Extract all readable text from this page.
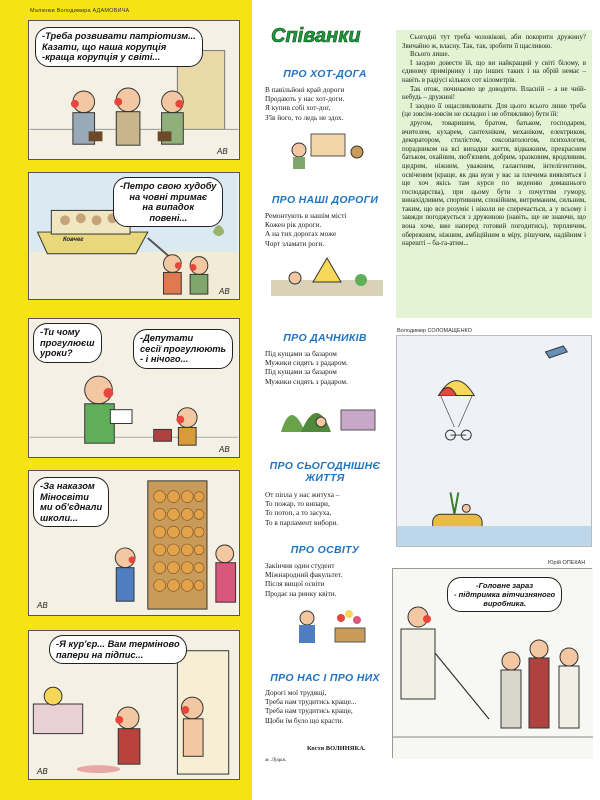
Малюнки Володимира АДАМОВИЧА
-Треба розвивати патріотизм...
Казати, що наша корупція
-краща корупція у світі...
АВ
Ковчег
-Петро свою худобу
на човні тримає
на випадок
повені...
АВ
-Ти чому
прогулюєш
уроки?
-Депутати
сесії прогулюють
- і нічого...
АВ
-За наказом
Міносвіти
ми об'єднали
школи...
АВ
-Я кур'єр... Вам терміново
папери на підпис...
АВ
Співанки
ПРО ХОТ-ДОГА
В павільйоні край дороги
Продають у нас хот-доги.
Я купив собі хот-дог,
З'їв його, то ледь не здох.
ПРО НАШІ ДОРОГИ
Ремонтують в нашім місті
Кожен рік дороги.
А на тих дорогах може
Чорт зламати роги.
ПРО ДАЧНИКІВ
Під кущами за базаром
Мужики сидять з радаром.
Під кущами за базаром
Мужики сидять з радаром.
ПРО СЬОГОДНІШНЄ ЖИТТЯ
От піпла у нас житуха –
То пожар, то випари,
То потоп, а то засуха,
То в парламент вибори.
ПРО ОСВІТУ
Закінчив один студент
Міжнародний факультет.
Після вищої освіти
Продає на ринку квіти.
ПРО НАС І ПРО НИХ
Дорогі мої трудящі,
Треба нам трудитись краще...
Треба нам трудитись краще,
Щоби їм було що красти.
Костя ВОЛИНЯКА.
м. Луцьк.

Сьогодні тут треба чоловіковi, аби покорити дружину? Звичайно ж, власну. Так, так, зробити її щасливою.

Всього лише.

І заодно довести їй, що ви найкращий у світі білому, в єдиному примірнику і що інших таких і на обрій немає – навіть в радіусі кількох сот кілометрів.

Так отож, починаємо це доводити. Власній – а не чиїй-небудь – дружині!

І заодно її ощасливлювати. Для цього всього лише треба (це зовсім-зовсім не складно і не обтяжливо) бути їй:

другом, товаришем, братом, батьком, господарем, вчителем, кухарем, сантехніком, механіком, електриком, декоратором, стилістом, сексопатологом, психологом, порадником на всі випадки життя, відважним, прекрасним батьком, охайним, люб'язним, добрим, зразковим, вродливим, щедрим, ніжним, уважним, галантним, інтелігентним, освіченим (краще, як два вузи у вас за плечима виявляться і ще хоч якісь там курси по веденню домашнього господарства), при цьому бути з почуттям гумору, винахідливим, спортивним, спокійним, витриманим, сильним, таким, що все розуміє і ніколи не сперечається, а у всьому і завжди погоджується з дружиною (навіть, ще не знаючи, що вона хоче, вже наперед готовий погодитись), терплячим, обережним, ніжним, амбіційним в міру, рішучим, надійним і нарешті – ба-га-атим...

Володимир СОЛОМАЩЕНКО
Юрій ОПЕКАН
-Головне зараз
- підтримка вітчизняного
виробника.
